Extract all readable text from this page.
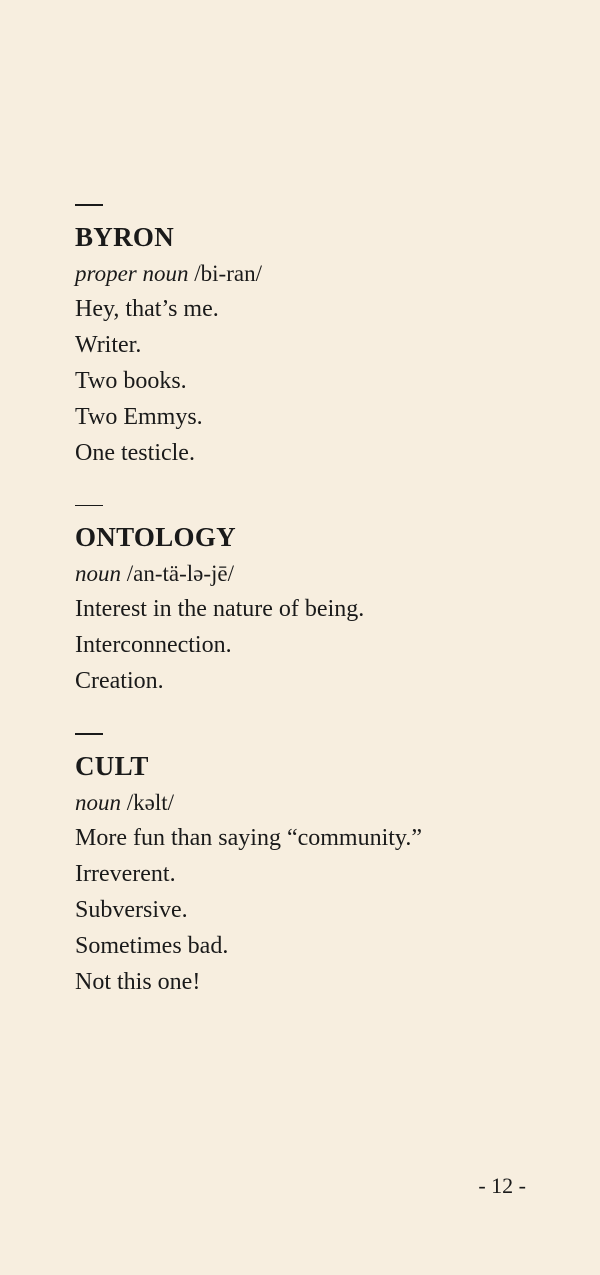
BYRON
proper noun /bi-ran/
Hey, that’s me.
Writer.
Two books.
Two Emmys.
One testicle.
ONTOLOGY
noun /an-tä-lə-jē/
Interest in the nature of being.
Interconnection.
Creation.
CULT
noun /kəlt/
More fun than saying “community.”
Irreverent.
Subversive.
Sometimes bad.
Not this one!
- 12 -
